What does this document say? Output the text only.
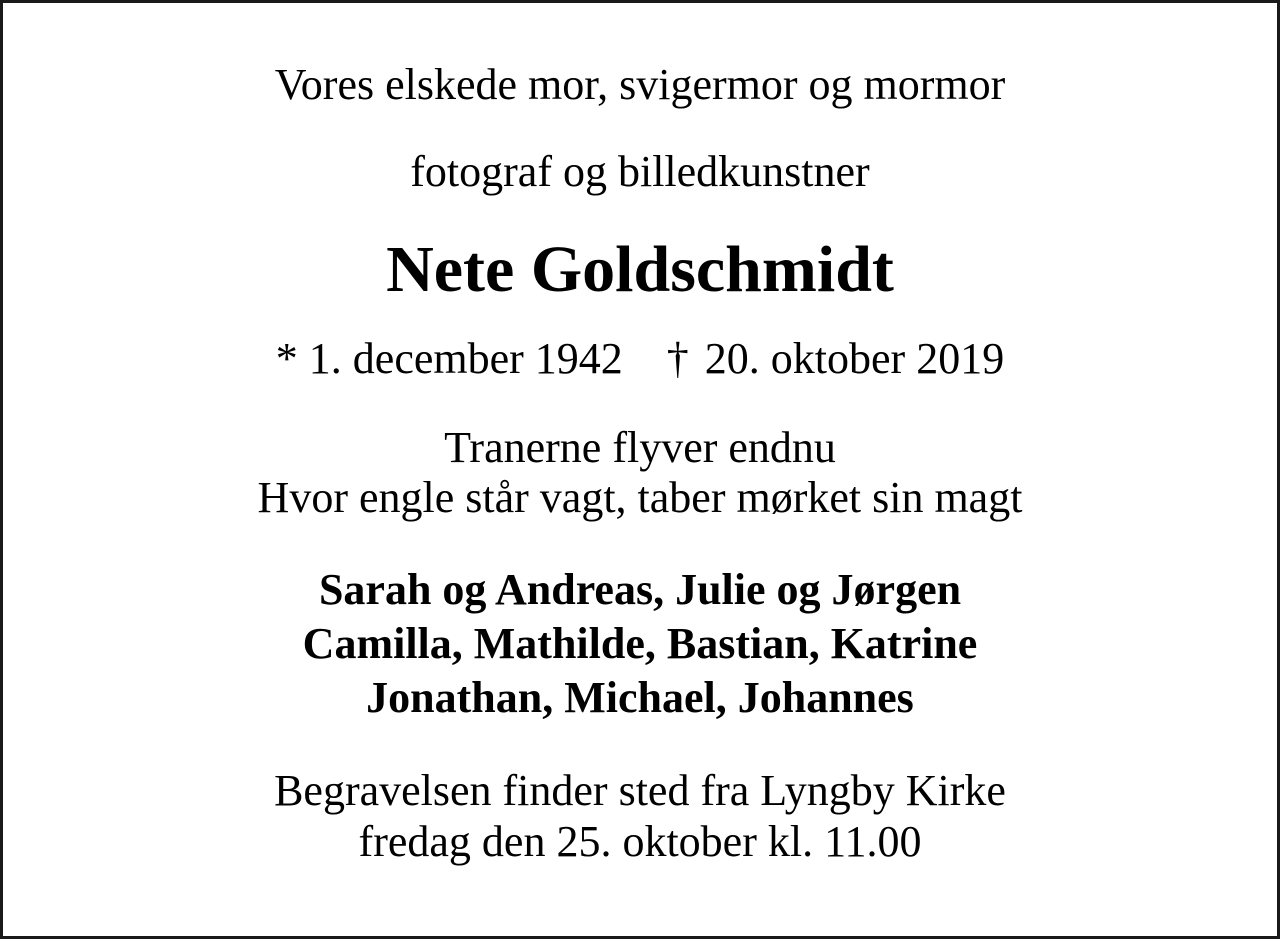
Vores elskede mor, svigermor og mormor
fotograf og billedkunstner
Nete Goldschmidt
* 1. december 1942 † 20. oktober 2019
Tranerne flyver endnu
Hvor engle står vagt, taber mørket sin magt
Sarah og Andreas, Julie og Jørgen
Camilla, Mathilde, Bastian, Katrine
Jonathan, Michael, Johannes
Begravelsen finder sted fra Lyngby Kirke
fredag den 25. oktober kl. 11.00
